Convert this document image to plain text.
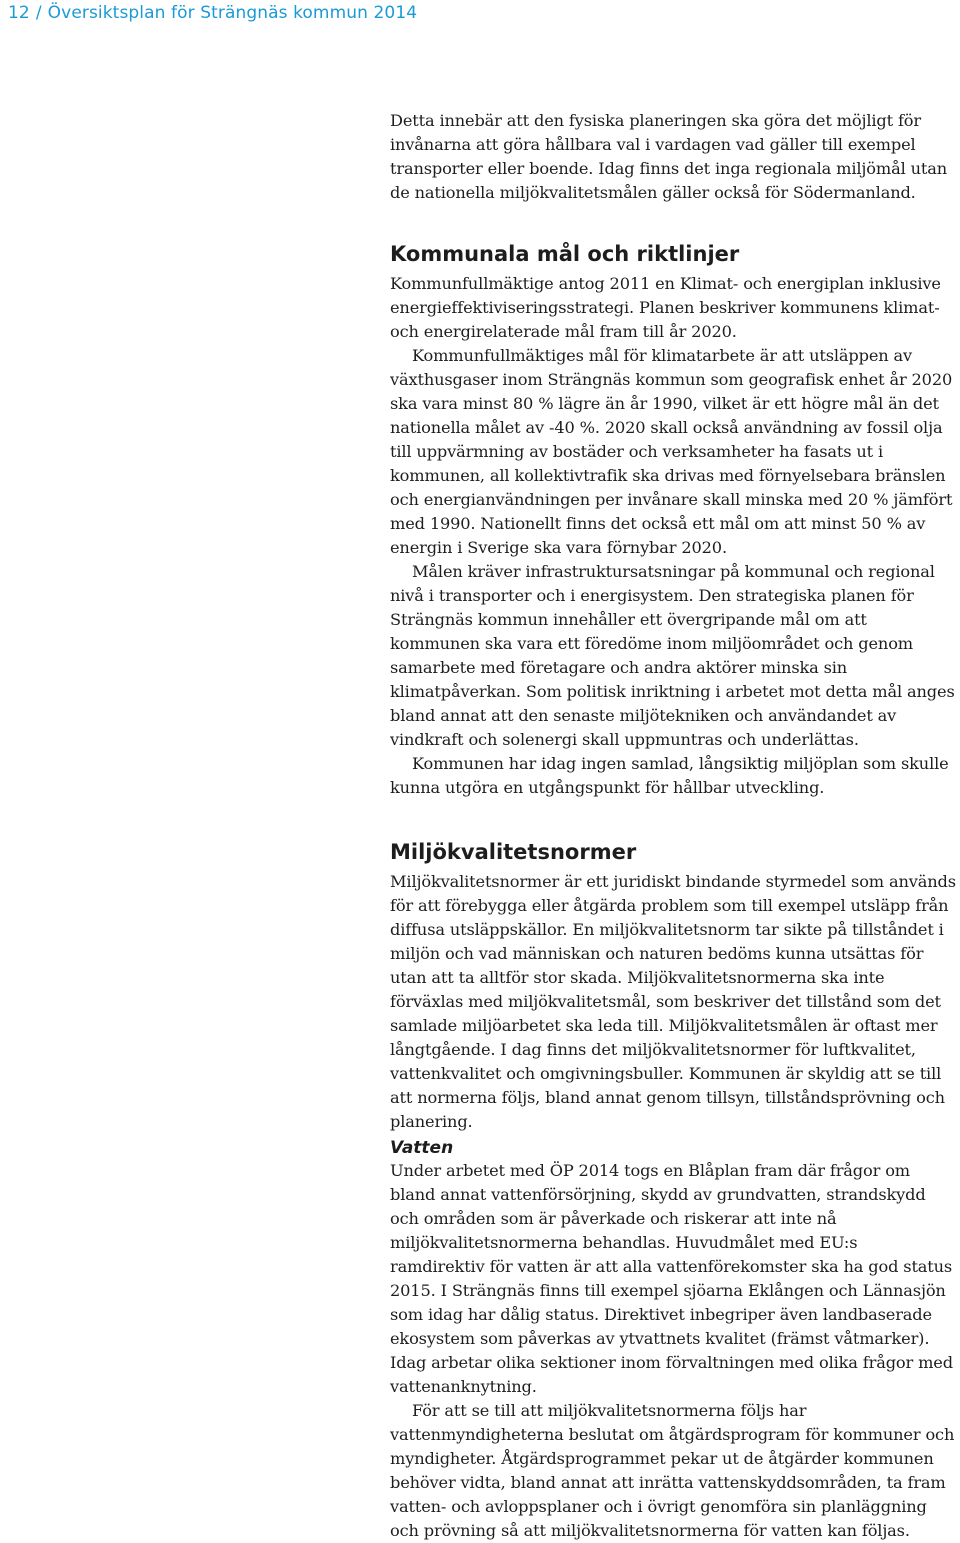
12 / Översiktsplan för Strängnäs kommun 2014

Detta innebär att den fysiska planeringen ska göra det möjligt för invånarna att göra hållbara val i vardagen vad gäller till exempel transporter eller boende. Idag finns det inga regionala miljömål utan de nationella miljökvalitetsmålen gäller också för Södermanland.

Kommunala mål och riktlinjer

Kommunfullmäktige antog 2011 en Klimat- och energiplan inklusive energieffektiviseringsstrategi. Planen beskriver kommunens klimat- och energirelaterade mål fram till år 2020.

Kommunfullmäktiges mål för klimatarbete är att utsläppen av växthusgaser inom Strängnäs kommun som geografisk enhet år 2020 ska vara minst 80 % lägre än år 1990, vilket är ett högre mål än det nationella målet av -40 %. 2020 skall också användning av fossil olja till uppvärmning av bostäder och verksamheter ha fasats ut i kommunen, all kollektivtrafik ska drivas med förnyelsebara bränslen och energianvändningen per invånare skall minska med 20 % jämfört med 1990. Nationellt finns det också ett mål om att minst 50 % av energin i Sverige ska vara förnybar 2020.

Målen kräver infrastruktursatsningar på kommunal och regional nivå i transporter och i energisystem. Den strategiska planen för Strängnäs kommun innehåller ett övergripande mål om att kommunen ska vara ett föredöme inom miljöområdet och genom samarbete med företagare och andra aktörer minska sin klimatpåverkan. Som politisk inriktning i arbetet mot detta mål anges bland annat att den senaste miljötekniken och användandet av vindkraft och solenergi skall uppmuntras och underlättas.

Kommunen har idag ingen samlad, långsiktig miljöplan som skulle kunna utgöra en utgångspunkt för hållbar utveckling.

Miljökvalitetsnormer

Miljökvalitetsnormer är ett juridiskt bindande styrmedel som används för att förebygga eller åtgärda problem som till exempel utsläpp från diffusa utsläppskällor. En miljökvalitetsnorm tar sikte på tillståndet i miljön och vad människan och naturen bedöms kunna utsättas för utan att ta alltför stor skada. Miljökvalitetsnormerna ska inte förväxlas med miljökvalitetsmål, som beskriver det tillstånd som det samlade miljöarbetet ska leda till. Miljökvalitetsmålen är oftast mer långtgående. I dag finns det miljökvalitetsnormer för luftkvalitet, vattenkvalitet och omgivningsbuller. Kommunen är skyldig att se till att normerna följs, bland annat genom tillsyn, tillståndsprövning och planering.

Vatten

Under arbetet med ÖP 2014 togs en Blåplan fram där frågor om bland annat vattenförsörjning, skydd av grundvatten, strandskydd och områden som är påverkade och riskerar att inte nå miljökvalitetsnormerna behandlas. Huvudmålet med EU:s ramdirektiv för vatten är att alla vattenförekomster ska ha god status 2015. I Strängnäs finns till exempel sjöarna Eklången och Lännasjön som idag har dålig status. Direktivet inbegriper även landbaserade ekosystem som påverkas av ytvattnets kvalitet (främst våtmarker). Idag arbetar olika sektioner inom förvaltningen med olika frågor med vattenanknytning.

För att se till att miljökvalitetsnormerna följs har vattenmyndigheterna beslutat om åtgärdsprogram för kommuner och myndigheter. Åtgärdsprogrammet pekar ut de åtgärder kommunen behöver vidta, bland annat att inrätta vattenskyddsområden, ta fram vatten- och avloppsplaner och i övrigt genomföra sin planläggning och prövning så att miljökvalitetsnormerna för vatten kan följas.
